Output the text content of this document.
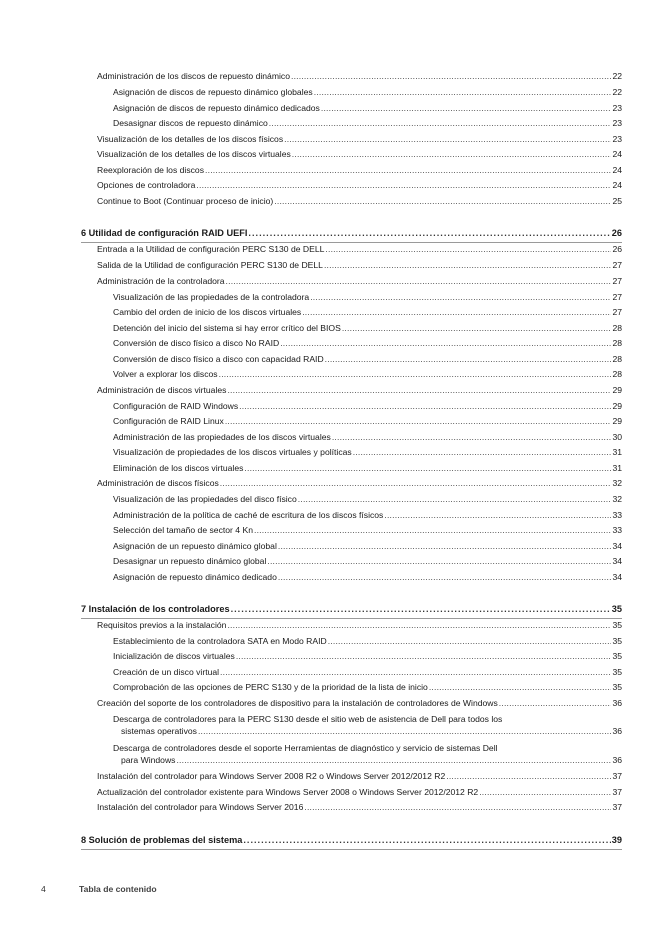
Administración de los discos de repuesto dinámico .....	22
Asignación de discos de repuesto dinámico globales .....	22
Asignación de discos de repuesto dinámico dedicados .....	23
Desasignar discos de repuesto dinámico .....	23
Visualización de los detalles de los discos físicos .....	23
Visualización de los detalles de los discos virtuales .....	24
Reexploración de los discos .....	24
Opciones de controladora .....	24
Continue to Boot (Continuar proceso de inicio) .....	25
6 Utilidad de configuración RAID UEFI .....	26
Entrada a la Utilidad de configuración PERC S130 de DELL .....	26
Salida de la Utilidad de configuración PERC S130 de DELL .....	27
Administración de la controladora .....	27
Visualización de las propiedades de la controladora .....	27
Cambio del orden de inicio de los discos virtuales .....	27
Detención del inicio del sistema si hay error crítico del BIOS .....	28
Conversión de disco físico a disco No RAID .....	28
Conversión de disco físico a disco con capacidad RAID .....	28
Volver a explorar los discos .....	28
Administración de discos virtuales .....	29
Configuración de RAID Windows .....	29
Configuración de RAID Linux .....	29
Administración de las propiedades de los discos virtuales .....	30
Visualización de propiedades de los discos virtuales y políticas .....	31
Eliminación de los discos virtuales .....	31
Administración de discos físicos .....	32
Visualización de las propiedades del disco físico .....	32
Administración de la política de caché de escritura de los discos físicos .....	33
Selección del tamaño de sector 4 Kn .....	33
Asignación de un repuesto dinámico global .....	34
Desasignar un repuesto dinámico global .....	34
Asignación de repuesto dinámico dedicado .....	34
7 Instalación de los controladores .....	35
Requisitos previos a la instalación .....	35
Establecimiento de la controladora SATA en Modo RAID .....	35
Inicialización de discos virtuales .....	35
Creación de un disco virtual .....	35
Comprobación de las opciones de PERC S130 y de la prioridad de la lista de inicio .....	35
Creación del soporte de los controladores de dispositivo para la instalación de controladores de Windows .....	36
Descarga de controladores para la PERC S130 desde el sitio web de asistencia de Dell para todos los
sistemas operativos .....	36
Descarga de controladores desde el soporte Herramientas de diagnóstico y servicio de sistemas Dell
para Windows .....	36
Instalación del controlador para Windows Server 2008 R2 o Windows Server 2012/2012 R2 .....	37
Actualización del controlador existente para Windows Server 2008 o Windows Server 2012/2012 R2 .....	37
Instalación del controlador para Windows Server 2016 .....	37
8 Solución de problemas del sistema .....	39
4	Tabla de contenido
